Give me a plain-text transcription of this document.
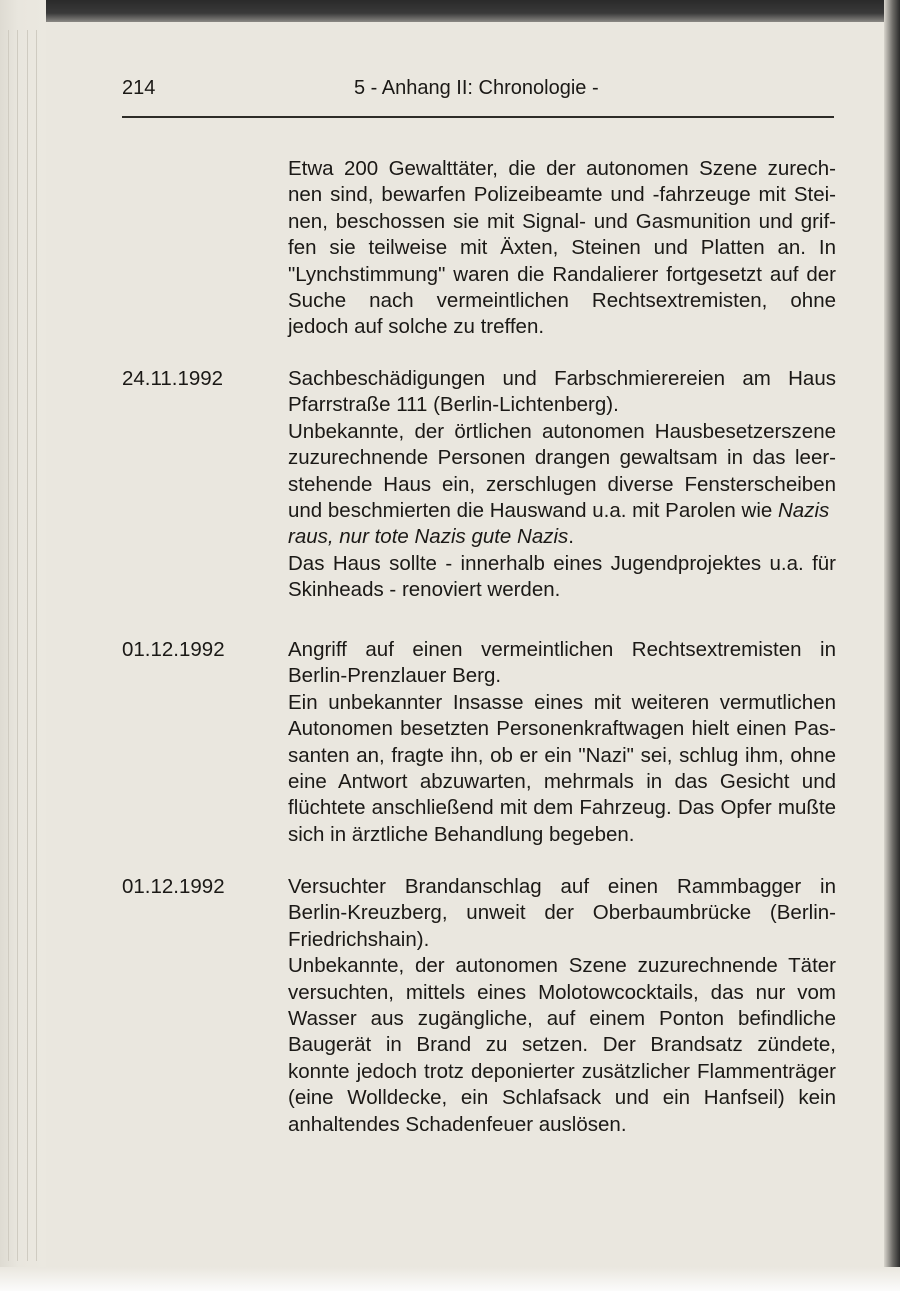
214	5 - Anhang II: Chronologie -

Etwa 200 Gewalttäter, die der autonomen Szene zurech-

nen sind, bewarfen Polizeibeamte und -fahrzeuge mit Stei-

nen, beschossen sie mit Signal- und Gasmunition und grif-

fen sie teilweise mit Äxten, Steinen und Platten an. In

"Lynchstimmung" waren die Randalierer fortgesetzt auf der

Suche nach vermeintlichen Rechtsextremisten, ohne

jedoch auf solche zu treffen.

24.11.1992	Sachbeschädigungen und Farbschmierereien am Haus

Pfarrstraße 111 (Berlin-Lichtenberg).

Unbekannte, der örtlichen autonomen Hausbesetzerszene

zuzurechnende Personen drangen gewaltsam in das leer-

stehende Haus ein, zerschlugen diverse Fensterscheiben

und beschmierten die Hauswand u.a. mit Parolen wie Nazis

raus, nur tote Nazis gute Nazis.

Das Haus sollte - innerhalb eines Jugendprojektes u.a. für

Skinheads - renoviert werden.

01.12.1992	Angriff auf einen vermeintlichen Rechtsextremisten in

Berlin-Prenzlauer Berg.

Ein unbekannter Insasse eines mit weiteren vermutlichen

Autonomen besetzten Personenkraftwagen hielt einen Pas-

santen an, fragte ihn, ob er ein "Nazi" sei, schlug ihm, ohne

eine Antwort abzuwarten, mehrmals in das Gesicht und

flüchtete anschließend mit dem Fahrzeug. Das Opfer mußte

sich in ärztliche Behandlung begeben.

01.12.1992	Versuchter Brandanschlag auf einen Rammbagger in

Berlin-Kreuzberg, unweit der Oberbaumbrücke (Berlin-

Friedrichshain).

Unbekannte, der autonomen Szene zuzurechnende Täter

versuchten, mittels eines Molotowcocktails, das nur vom

Wasser aus zugängliche, auf einem Ponton befindliche

Baugerät in Brand zu setzen. Der Brandsatz zündete,

konnte jedoch trotz deponierter zusätzlicher Flammenträger

(eine Wolldecke, ein Schlafsack und ein Hanfseil) kein

anhaltendes Schadenfeuer auslösen.
